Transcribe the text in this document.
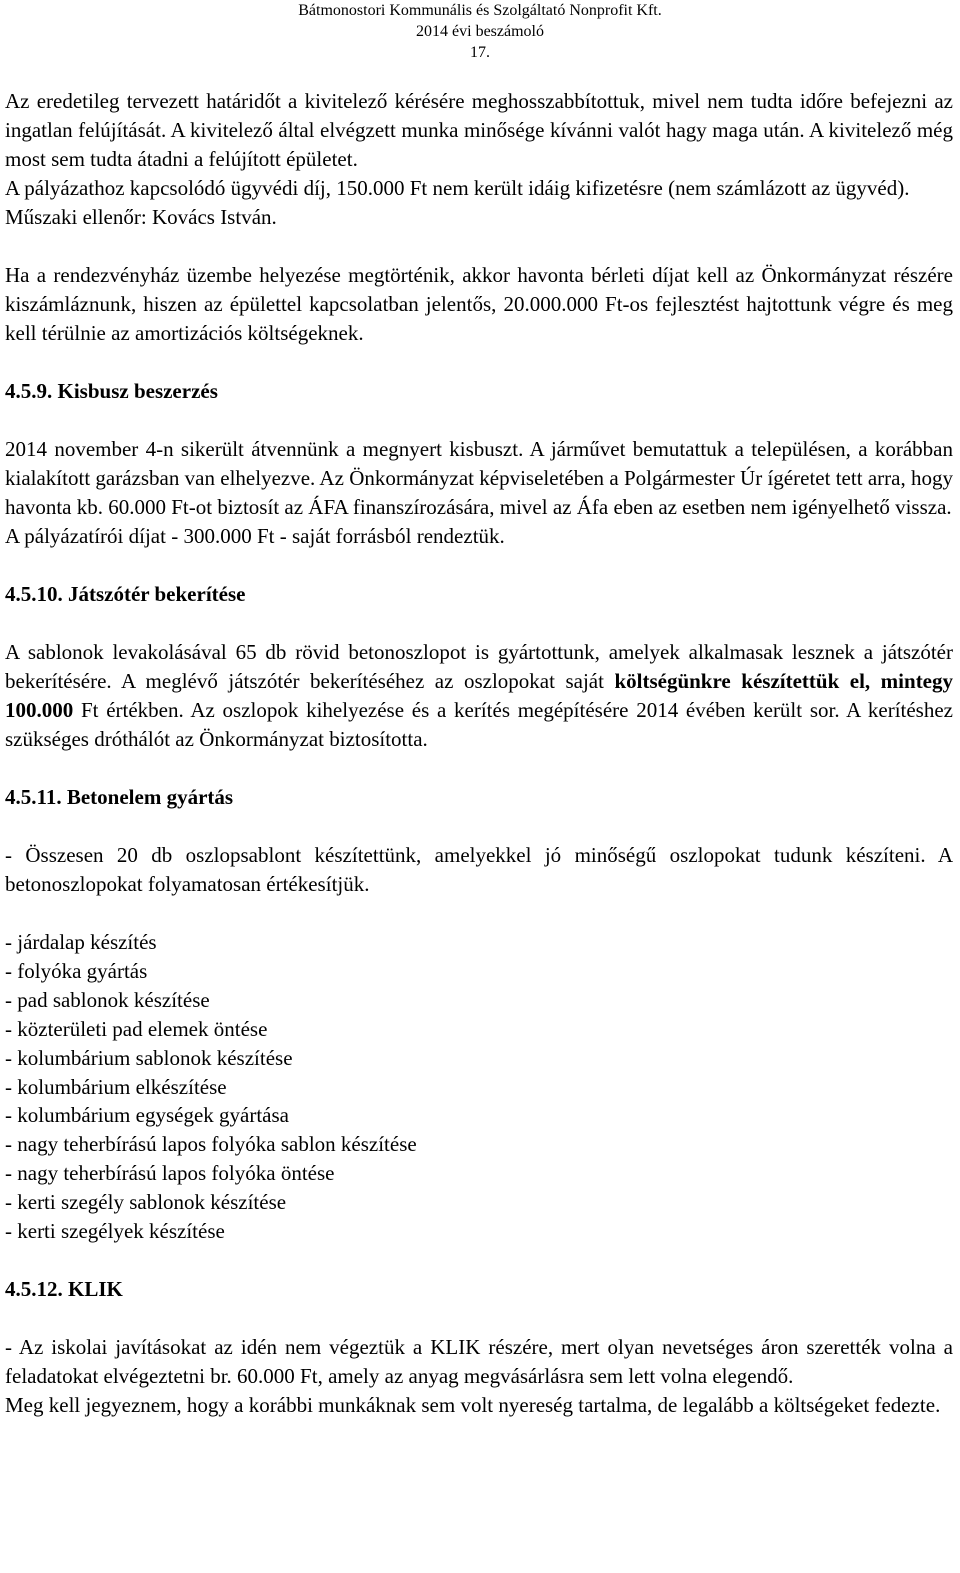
Bátmonostori Kommunális és Szolgáltató Nonprofit Kft.
2014 évi beszámoló
17.

Az eredetileg tervezett határidőt a kivitelező kérésére meghosszabbítottuk, mivel nem tudta időre befejezni az ingatlan felújítását. A kivitelező által elvégzett munka minősége kívánni valót hagy maga után. A kivitelező még most sem tudta átadni a felújított épületet.

A pályázathoz kapcsolódó ügyvédi díj, 150.000 Ft nem került idáig kifizetésre (nem számlázott az ügyvéd).

Műszaki ellenőr: Kovács István.

Ha a rendezvényház üzembe helyezése megtörténik, akkor havonta bérleti díjat kell az Önkormányzat részére kiszámláznunk, hiszen az épülettel kapcsolatban jelentős, 20.000.000 Ft-os fejlesztést hajtottunk végre és meg kell térülnie az amortizációs költségeknek.

4.5.9. Kisbusz beszerzés

2014 november 4-n sikerült átvennünk a megnyert kisbuszt. A járművet bemutattuk a településen, a korábban kialakított garázsban van elhelyezve. Az Önkormányzat képviseletében a Polgármester Úr ígéretet tett arra, hogy havonta kb. 60.000 Ft-ot biztosít az ÁFA finanszírozására, mivel az Áfa eben az esetben nem igényelhető vissza.

A pályázatírói díjat - 300.000 Ft - saját forrásból rendeztük.

4.5.10. Játszótér bekerítése

A sablonok levakolásával 65 db rövid betonoszlopot is gyártottunk, amelyek alkalmasak lesznek a játszótér bekerítésére. A meglévő játszótér bekerítéséhez az oszlopokat saját költségünkre készítettük el, mintegy 100.000 Ft értékben. Az oszlopok kihelyezése és a kerítés megépítésére 2014 évében került sor. A kerítéshez szükséges dróthálót az Önkormányzat biztosította.

4.5.11. Betonelem gyártás

- Összesen 20 db oszlopsablont készítettünk, amelyekkel jó minőségű oszlopokat tudunk készíteni. A betonoszlopokat folyamatosan értékesítjük.

- járdalap készítés
- folyóka gyártás
- pad sablonok készítése
- közterületi pad elemek öntése
- kolumbárium sablonok készítése
- kolumbárium elkészítése
- kolumbárium egységek gyártása
- nagy teherbírású lapos folyóka sablon készítése
- nagy teherbírású lapos folyóka öntése
- kerti szegély sablonok készítése
- kerti szegélyek készítése
4.5.12. KLIK

- Az iskolai javításokat az idén nem végeztük a KLIK részére, mert olyan nevetséges áron szerették volna a feladatokat elvégeztetni br. 60.000 Ft, amely az anyag megvásárlásra sem lett volna elegendő.

Meg kell jegyeznem, hogy a korábbi munkáknak sem volt nyereség tartalma, de legalább a költségeket fedezte.
